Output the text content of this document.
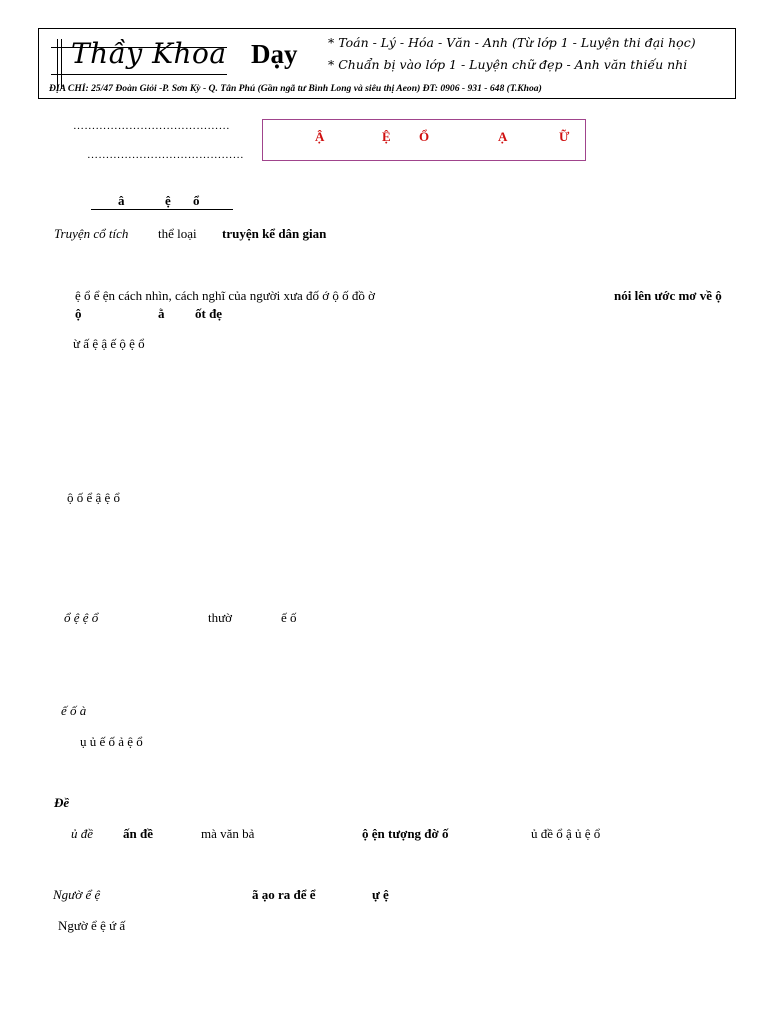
Thầy Khoa Dạy * Toán - Lý - Hóa - Văn - Anh (Từ lớp 1 - Luyện thi đại học)
* Chuẩn bị vào lớp 1 - Luyện chữ đẹp - Anh văn thiếu nhi
ĐỊA CHỈ: 25/47 Đoàn Giỏi -P. Sơn Kỳ - Q. Tân Phú (Gần ngã tư Bình Long và siêu thị Aeon) ĐT: 0906 - 931 - 648 (T.Khoa)
……………………………………
……………………………………
Ậ	Ệ Ổ	Ạ	Ữ
â	ệ ổ
Truyện cổ tích thể loại truyện kể dân gian
ệ ổ ể ện cách nhìn, cách nghĩ của người xưa đố ớ ộ ố đồ ờ	nói lên ước mơ về ộ
ộ	ằ ốt đẹ
ừ ấ ệ ậ ế ộ ệ ổ
ộ ố ể ậ ệ ổ
ổ ệ ệ ổ	thườ	ế ố
ế ố à
ụ ủ ế ố ả ệ ổ
Đề
ủ đề ấn đề	mà văn bả	ộ ện tượng đờ ố	ủ đề ổ ậ ủ ệ ổ
Ngườ ể ệ	ã ạo ra để ể	ự ệ
Ngườ ể ệ ứ ấ
